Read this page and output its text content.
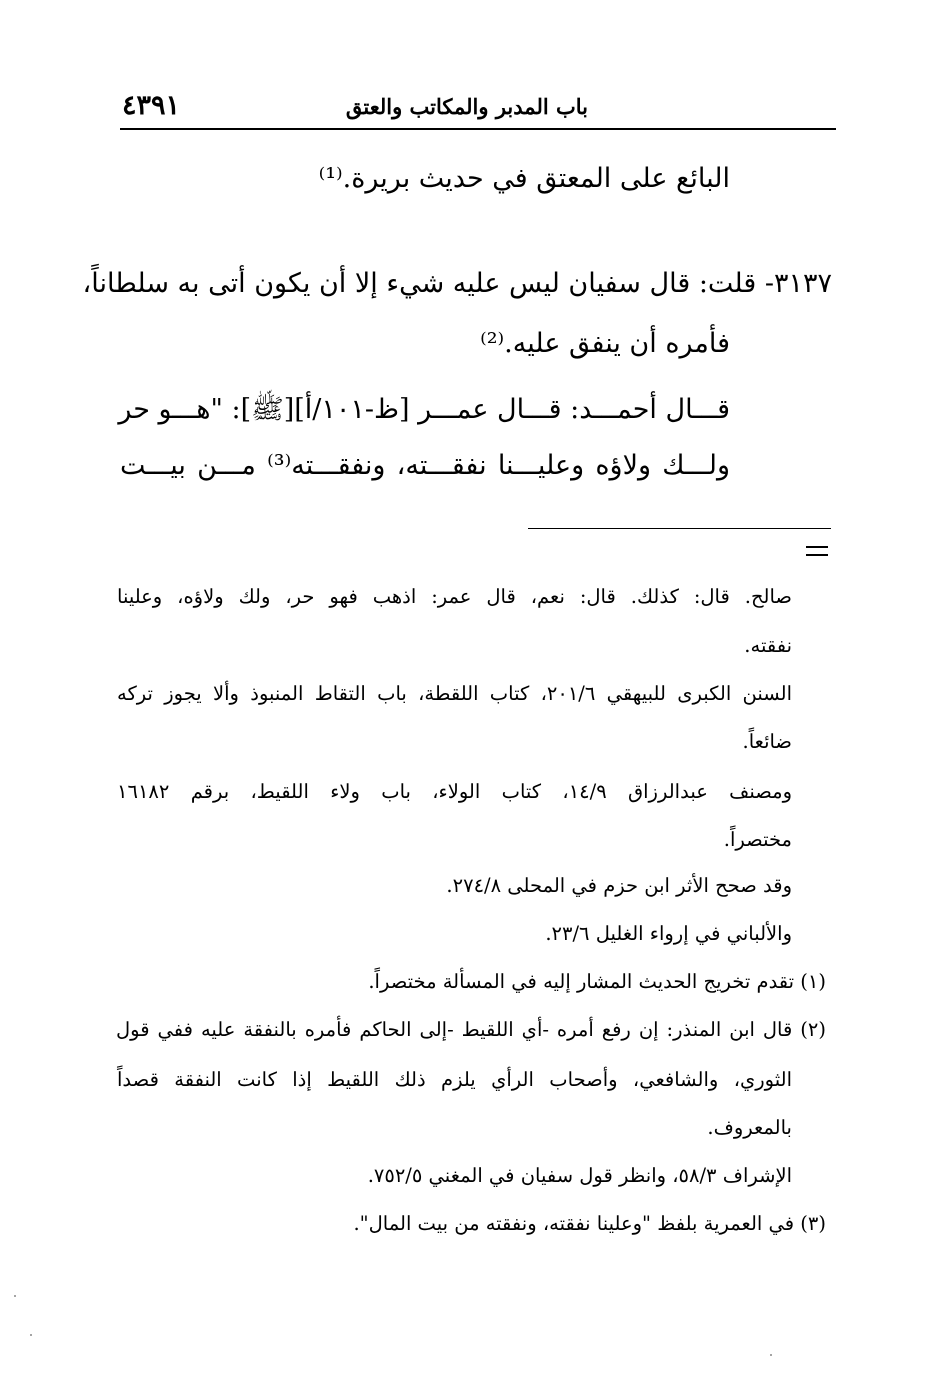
٤٣٩١	باب المدبر والمكاتب والعتق
البائع على المعتق في حديث بريرة.⁽¹⁾
٣١٣٧- قلت: قال سفيان ليس عليه شيء إلا أن يكون أتى به سلطاناً،
فأمره أن ينفق عليه.⁽²⁾
قـــال أحمـــد: قـــال عمـــر [ظ-١٠١/أ][ﷺ]: "هـــو حر
ولـــك ولاؤه وعليـــنا نفقـــته، ونفقـــته⁽³⁾ مـــن بيـــت
صالح. قال: كذلك. قال: نعم، قال عمر: اذهب فهو حر، ولك ولاؤه، وعلينا
نفقته.
السنن الكبرى للبيهقي ٢٠١/٦، كتاب اللقطة، باب التقاط المنبوذ وألا يجوز تركه
ضائعاً.
ومصنف عبدالرزاق ١٤/٩، كتاب الولاء، باب ولاء اللقيط، برقم ١٦١٨٢
مختصراً.
وقد صحح الأثر ابن حزم في المحلى ٢٧٤/٨.
والألباني في إرواء الغليل ٢٣/٦.
(١) تقدم تخريج الحديث المشار إليه في المسألة مختصراً.
(٢) قال ابن المنذر: إن رفع أمره -أي اللقيط -إلى الحاكم فأمره بالنفقة عليه ففي قول
الثوري، والشافعي، وأصحاب الرأي يلزم ذلك اللقيط إذا كانت النفقة قصداً
بالمعروف.
الإشراف ٥٨/٣، وانظر قول سفيان في المغني ٧٥٢/٥.
(٣) في العمرية بلفظ "وعلينا نفقته، ونفقته من بيت المال".
